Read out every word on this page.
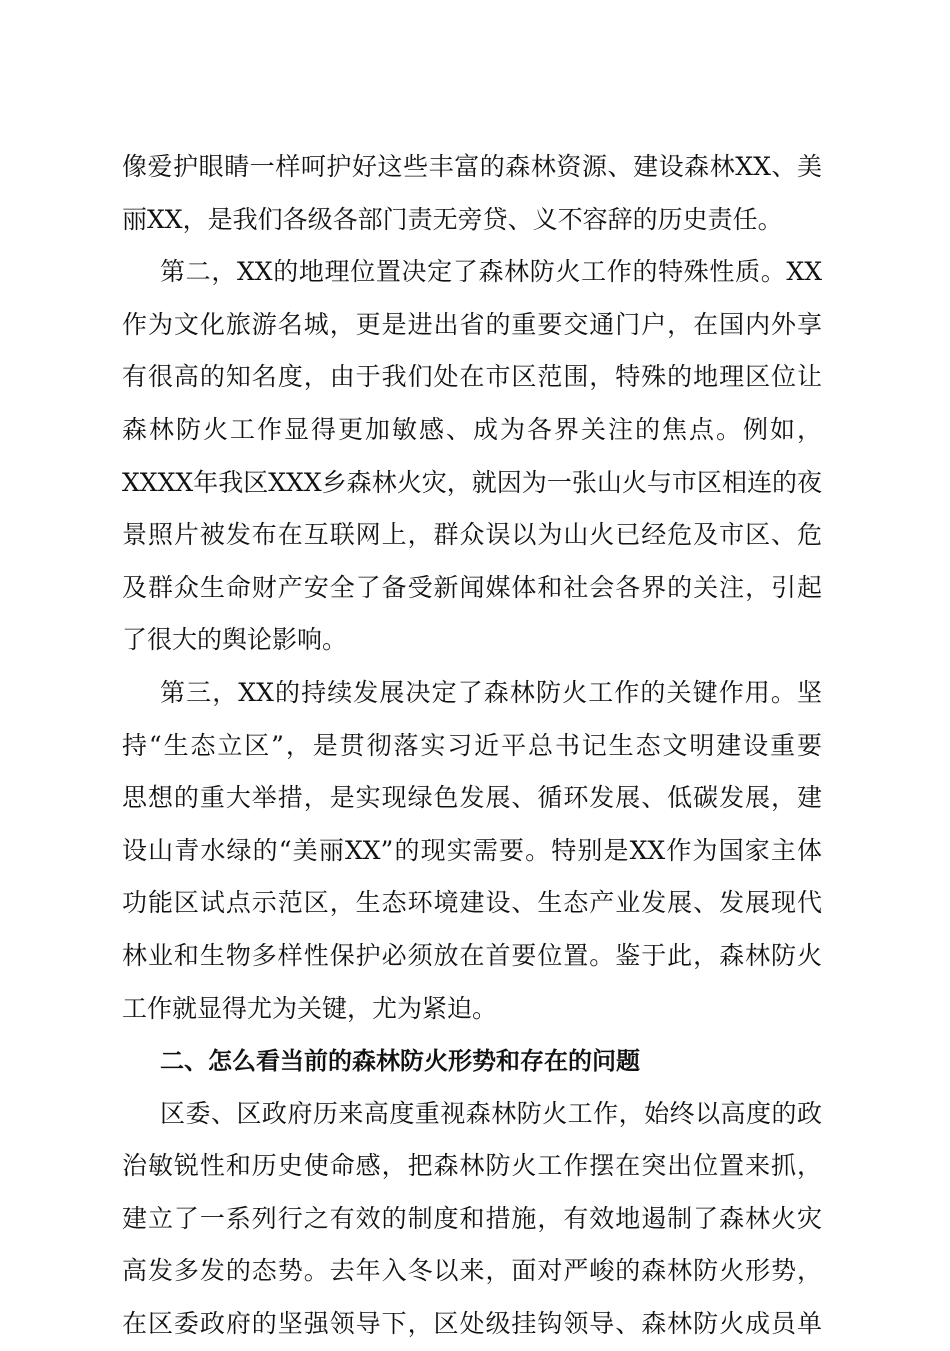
像爱护眼睛一样呵护好这些丰富的森林资源、建设森林XX、美
丽XX，是我们各级各部门责无旁贷、义不容辞的历史责任。
第二，XX的地理位置决定了森林防火工作的特殊性质。XX
作为文化旅游名城，更是进出省的重要交通门户，在国内外享
有很高的知名度，由于我们处在市区范围，特殊的地理区位让
森林防火工作显得更加敏感、成为各界关注的焦点。例如，
XXXX年我区XXX乡森林火灾，就因为一张山火与市区相连的夜
景照片被发布在互联网上，群众误以为山火已经危及市区、危
及群众生命财产安全了备受新闻媒体和社会各界的关注，引起
了很大的舆论影响。
第三，XX的持续发展决定了森林防火工作的关键作用。坚
持“生态立区”，是贯彻落实习近平总书记生态文明建设重要
思想的重大举措，是实现绿色发展、循环发展、低碳发展，建
设山青水绿的“美丽XX”的现实需要。特别是XX作为国家主体
功能区试点示范区，生态环境建设、生态产业发展、发展现代
林业和生物多样性保护必须放在首要位置。鉴于此，森林防火
工作就显得尤为关键，尤为紧迫。
二、怎么看当前的森林防火形势和存在的问题
区委、区政府历来高度重视森林防火工作，始终以高度的政
治敏锐性和历史使命感，把森林防火工作摆在突出位置来抓，
建立了一系列行之有效的制度和措施，有效地遏制了森林火灾
高发多发的态势。去年入冬以来，面对严峻的森林防火形势，
在区委政府的坚强领导下，区处级挂钩领导、森林防火成员单
